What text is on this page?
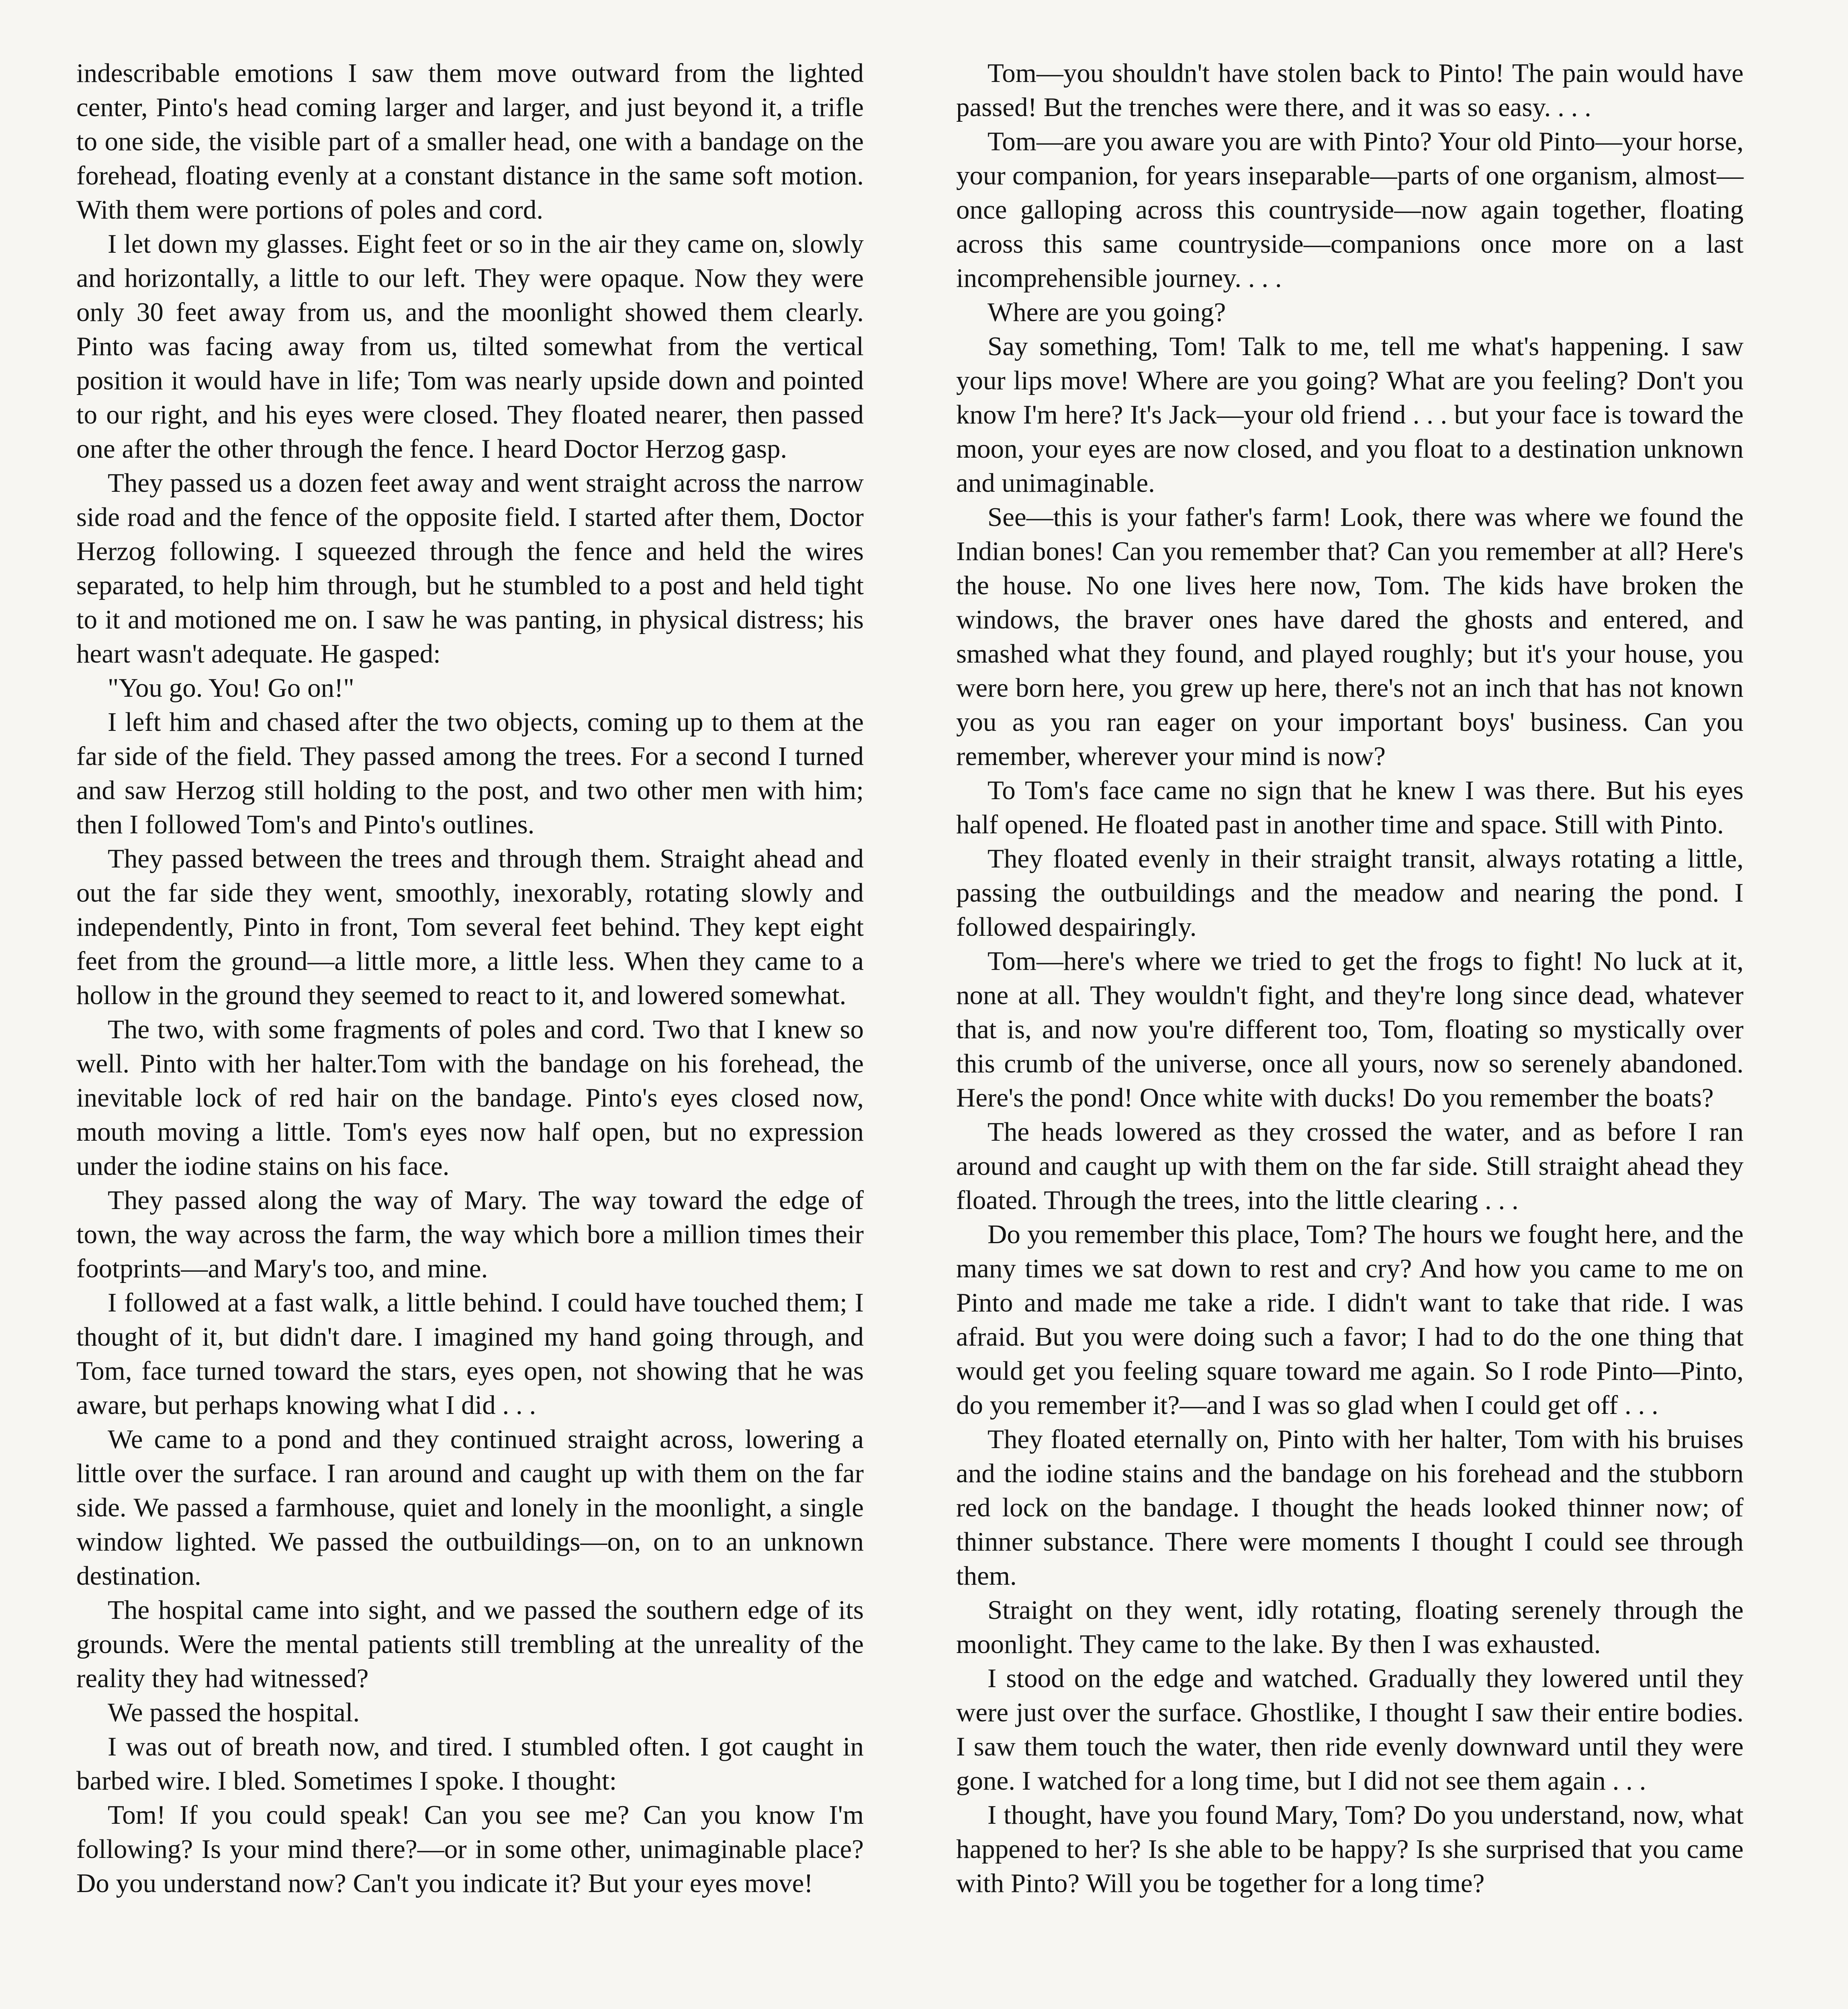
indescribable emotions I saw them move outward from the lighted center, Pinto's head coming larger and larger, and just beyond it, a trifle to one side, the visible part of a smaller head, one with a bandage on the forehead, floating evenly at a constant distance in the same soft motion. With them were portions of poles and cord.

I let down my glasses. Eight feet or so in the air they came on, slowly and horizontally, a little to our left. They were opaque. Now they were only 30 feet away from us, and the moonlight showed them clearly. Pinto was facing away from us, tilted somewhat from the vertical position it would have in life; Tom was nearly upside down and pointed to our right, and his eyes were closed. They floated nearer, then passed one after the other through the fence. I heard Doctor Herzog gasp.

They passed us a dozen feet away and went straight across the narrow side road and the fence of the opposite field. I started after them, Doctor Herzog following. I squeezed through the fence and held the wires separated, to help him through, but he stumbled to a post and held tight to it and motioned me on. I saw he was panting, in physical distress; his heart wasn't adequate. He gasped:

"You go. You! Go on!"

I left him and chased after the two objects, coming up to them at the far side of the field. They passed among the trees. For a second I turned and saw Herzog still holding to the post, and two other men with him; then I followed Tom's and Pinto's outlines.

They passed between the trees and through them. Straight ahead and out the far side they went, smoothly, inexorably, rotating slowly and independently, Pinto in front, Tom several feet behind. They kept eight feet from the ground—a little more, a little less. When they came to a hollow in the ground they seemed to react to it, and lowered somewhat.

The two, with some fragments of poles and cord. Two that I knew so well. Pinto with her halter.Tom with the bandage on his forehead, the inevitable lock of red hair on the bandage. Pinto's eyes closed now, mouth moving a little. Tom's eyes now half open, but no expression under the iodine stains on his face.

They passed along the way of Mary. The way toward the edge of town, the way across the farm, the way which bore a million times their footprints—and Mary's too, and mine.

I followed at a fast walk, a little behind. I could have touched them; I thought of it, but didn't dare. I imagined my hand going through, and Tom, face turned toward the stars, eyes open, not showing that he was aware, but perhaps knowing what I did . . .

We came to a pond and they continued straight across, lowering a little over the surface. I ran around and caught up with them on the far side. We passed a farmhouse, quiet and lonely in the moonlight, a single window lighted. We passed the outbuildings—on, on to an unknown destination.

The hospital came into sight, and we passed the southern edge of its grounds. Were the mental patients still trembling at the unreality of the reality they had witnessed?

We passed the hospital.

I was out of breath now, and tired. I stumbled often. I got caught in barbed wire. I bled. Sometimes I spoke. I thought:

Tom! If you could speak! Can you see me? Can you know I'm following? Is your mind there?—or in some other, unimaginable place? Do you understand now? Can't you indicate it? But your eyes move!

Tom—you shouldn't have stolen back to Pinto! The pain would have passed! But the trenches were there, and it was so easy. . . .

Tom—are you aware you are with Pinto? Your old Pinto—your horse, your companion, for years inseparable—parts of one organism, almost—once galloping across this countryside—now again together, floating across this same countryside—companions once more on a last incomprehensible journey. . . .

Where are you going?

Say something, Tom! Talk to me, tell me what's happening. I saw your lips move! Where are you going? What are you feeling? Don't you know I'm here? It's Jack—your old friend . . . but your face is toward the moon, your eyes are now closed, and you float to a destination unknown and unimaginable.

See—this is your father's farm! Look, there was where we found the Indian bones! Can you remember that? Can you remember at all? Here's the house. No one lives here now, Tom. The kids have broken the windows, the braver ones have dared the ghosts and entered, and smashed what they found, and played roughly; but it's your house, you were born here, you grew up here, there's not an inch that has not known you as you ran eager on your important boys' business. Can you remember, wherever your mind is now?

To Tom's face came no sign that he knew I was there. But his eyes half opened. He floated past in another time and space. Still with Pinto.

They floated evenly in their straight transit, always rotating a little, passing the outbuildings and the meadow and nearing the pond. I followed despairingly.

Tom—here's where we tried to get the frogs to fight! No luck at it, none at all. They wouldn't fight, and they're long since dead, whatever that is, and now you're different too, Tom, floating so mystically over this crumb of the universe, once all yours, now so serenely abandoned. Here's the pond! Once white with ducks! Do you remember the boats?

The heads lowered as they crossed the water, and as before I ran around and caught up with them on the far side. Still straight ahead they floated. Through the trees, into the little clearing . . .

Do you remember this place, Tom? The hours we fought here, and the many times we sat down to rest and cry? And how you came to me on Pinto and made me take a ride. I didn't want to take that ride. I was afraid. But you were doing such a favor; I had to do the one thing that would get you feeling square toward me again. So I rode Pinto—Pinto, do you remember it?—and I was so glad when I could get off . . .

They floated eternally on, Pinto with her halter, Tom with his bruises and the iodine stains and the bandage on his forehead and the stubborn red lock on the bandage. I thought the heads looked thinner now; of thinner substance. There were moments I thought I could see through them.

Straight on they went, idly rotating, floating serenely through the moonlight. They came to the lake. By then I was exhausted.

I stood on the edge and watched. Gradually they lowered until they were just over the surface. Ghostlike, I thought I saw their entire bodies. I saw them touch the water, then ride evenly downward until they were gone. I watched for a long time, but I did not see them again . . .

I thought, have you found Mary, Tom? Do you understand, now, what happened to her? Is she able to be happy? Is she surprised that you came with Pinto? Will you be together for a long time?
